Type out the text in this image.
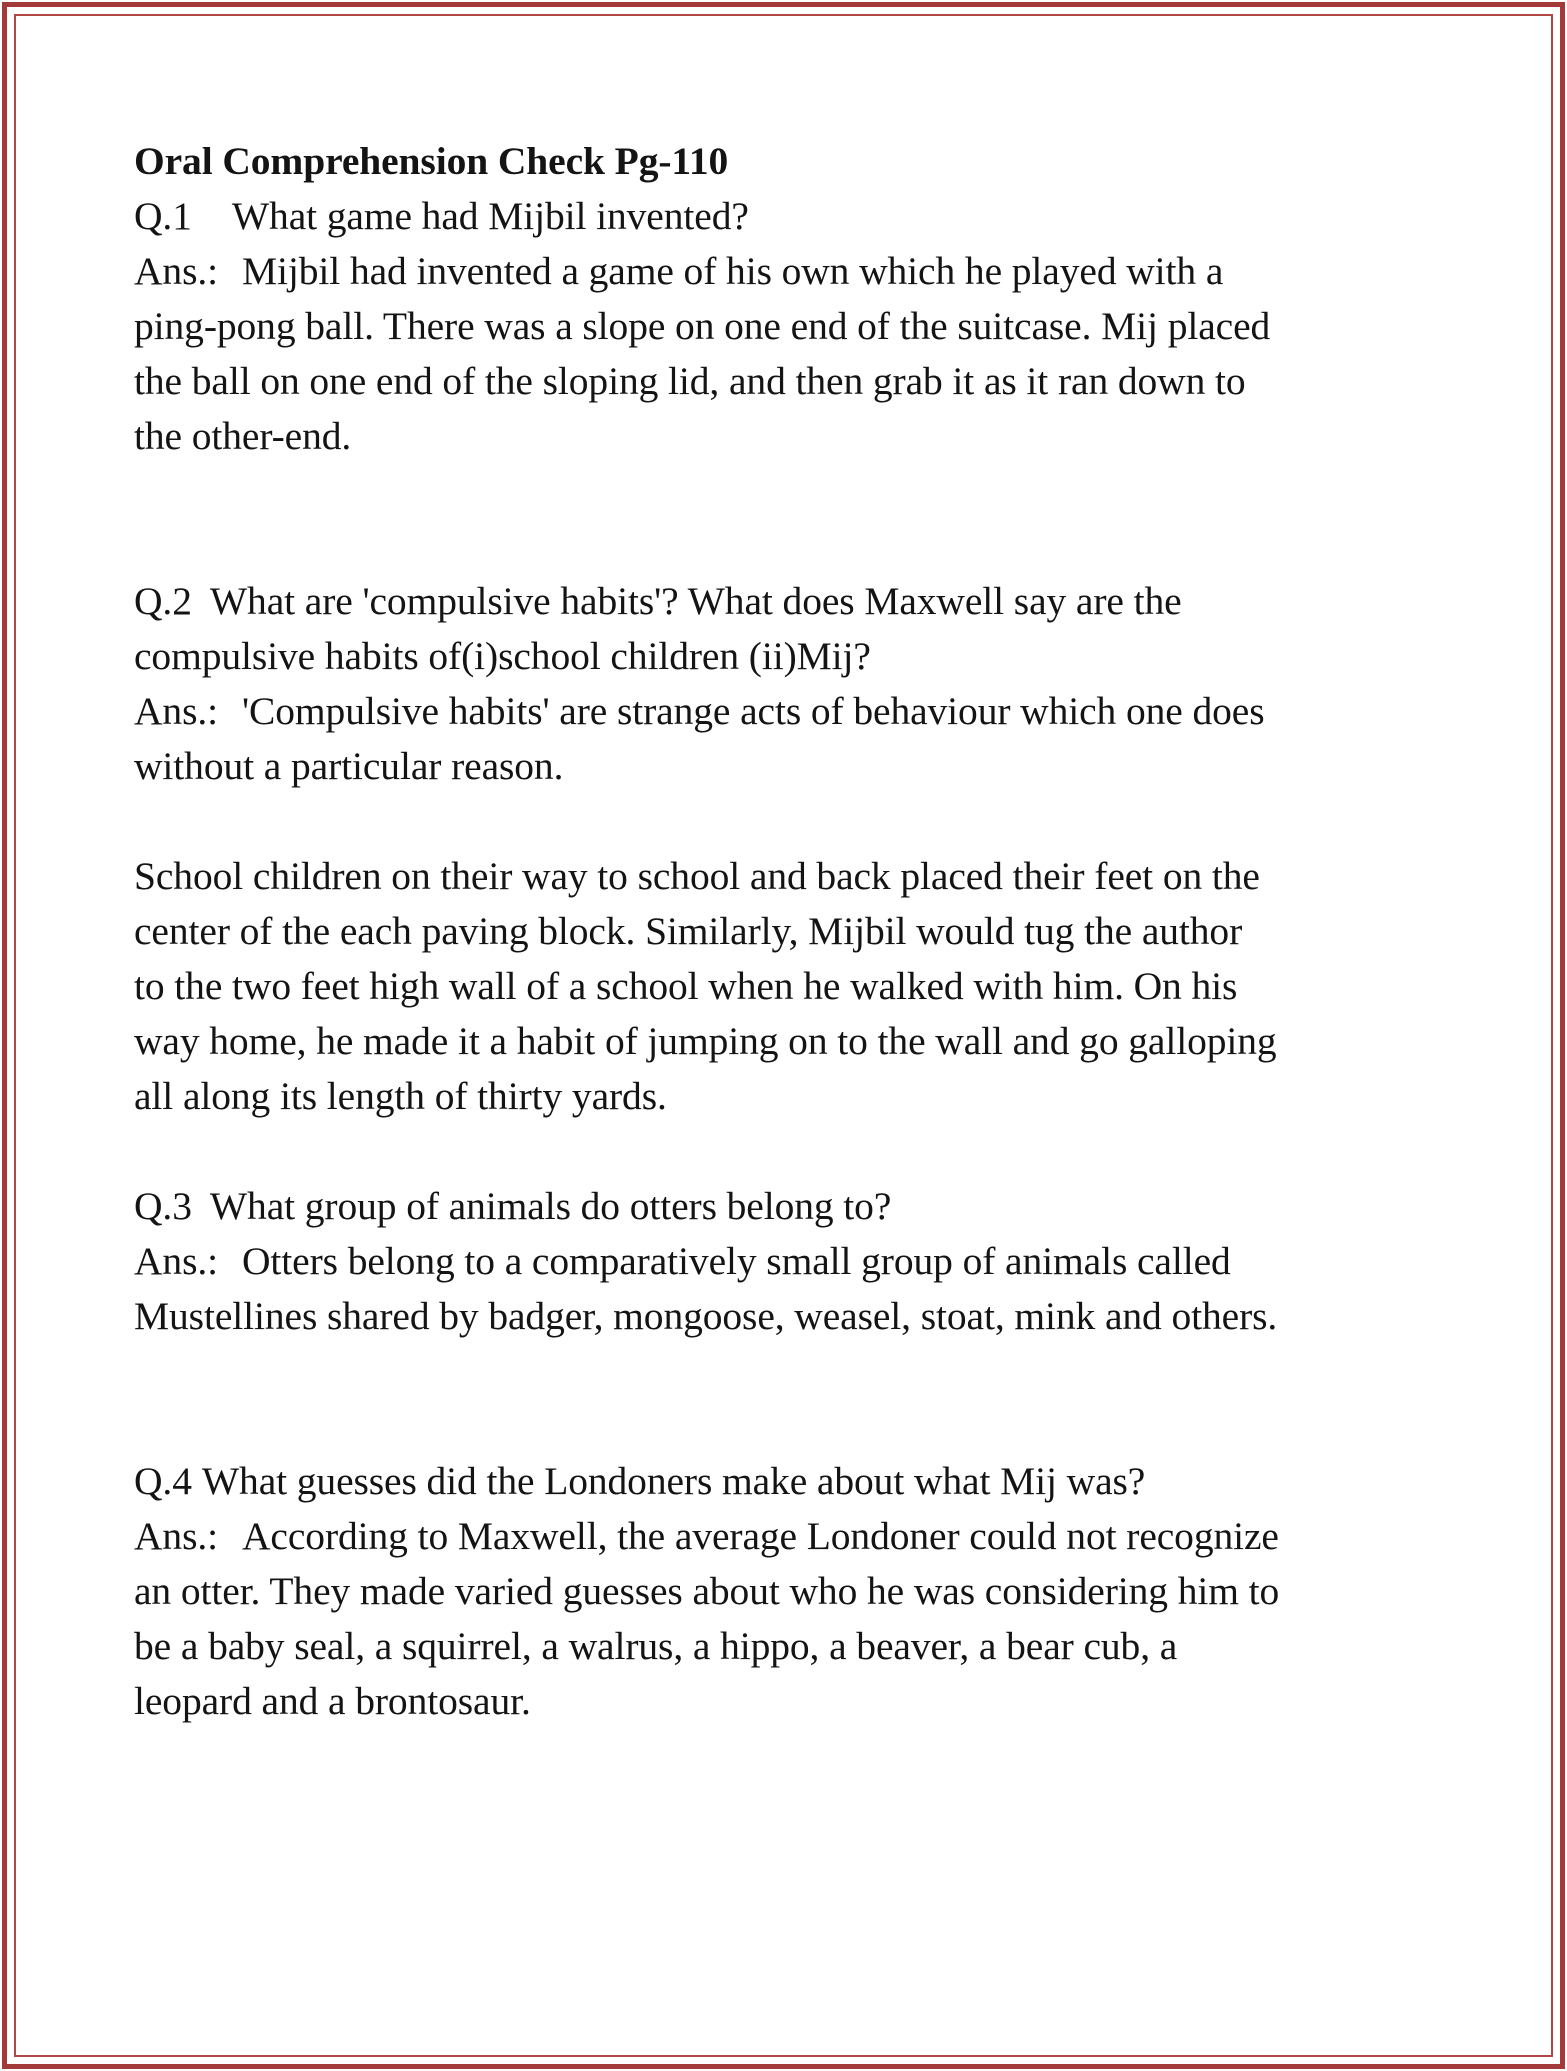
Oral Comprehension Check Pg-110

Q.1 What game had Mijbil invented?

Ans.: Mijbil had invented a game of his own which he played with a

ping-pong ball. There was a slope on one end of the suitcase. Mij placed

the ball on one end of the sloping lid, and then grab it as it ran down to

the other-end.

Q.2 What are 'compulsive habits'? What does Maxwell say are the

compulsive habits of(i)school children (ii)Mij?

Ans.: 'Compulsive habits' are strange acts of behaviour which one does

without a particular reason.

School children on their way to school and back placed their feet on the

center of the each paving block. Similarly, Mijbil would tug the author

to the two feet high wall of a school when he walked with him. On his

way home, he made it a habit of jumping on to the wall and go galloping

all along its length of thirty yards.

Q.3 What group of animals do otters belong to?

Ans.: Otters belong to a comparatively small group of animals called

Mustellines shared by badger, mongoose, weasel, stoat, mink and others.

Q.4 What guesses did the Londoners make about what Mij was?

Ans.: According to Maxwell, the average Londoner could not recognize

an otter. They made varied guesses about who he was considering him to

be a baby seal, a squirrel, a walrus, a hippo, a beaver, a bear cub, a

leopard and a brontosaur.
